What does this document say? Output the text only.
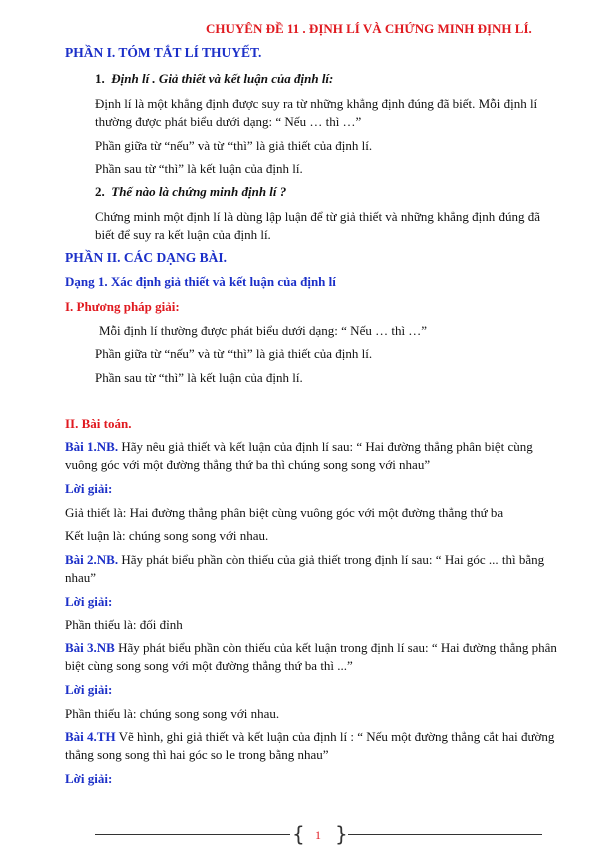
CHUYÊN ĐỀ 11 . ĐỊNH LÍ VÀ CHỨNG MINH ĐỊNH LÍ.
PHẦN I. TÓM TẮT LÍ THUYẾT.
1. Định lí . Giả thiết và kết luận của định lí:
Định lí là một khẳng định được suy ra từ những khẳng định đúng đã biết. Mỗi định lí
thường được phát biểu dưới dạng: “ Nếu … thì …”
Phần giữa từ “nếu” và từ “thì” là giả thiết của định lí.
Phần sau từ “thì” là kết luận của định lí.
2. Thế nào là chứng minh định lí ?
Chứng minh một định lí là dùng lập luận để từ giả thiết và những khẳng định đúng đã
biết để suy ra kết luận của định lí.
PHẦN II. CÁC DẠNG BÀI.
Dạng 1. Xác định giả thiết và kết luận của định lí
I. Phương pháp giải:
Mỗi định lí thường được phát biểu dưới dạng: “ Nếu … thì …”
Phần giữa từ “nếu” và từ “thì” là giả thiết của định lí.
Phần sau từ “thì” là kết luận của định lí.
II. Bài toán.
Bài 1.NB. Hãy nêu giả thiết và kết luận của định lí sau: “ Hai đường thẳng phân biệt cùng
vuông góc với một đường thẳng thứ ba thì chúng song song với nhau”
Lời giải:
Giả thiết là: Hai đường thẳng phân biệt cùng vuông góc với một đường thẳng thứ ba
Kết luận là: chúng song song với nhau.
Bài 2.NB. Hãy phát biểu phần còn thiếu của giả thiết trong định lí sau: “ Hai góc ... thì bằng
nhau”
Lời giải:
Phần thiếu là: đối đỉnh
Bài 3.NB Hãy phát biểu phần còn thiếu của kết luận trong định lí sau: “ Hai đường thẳng phân
biệt cùng song song với một đường thẳng thứ ba thì ...”
Lời giải:
Phần thiếu là: chúng song song với nhau.
Bài 4.TH Vẽ hình, ghi giả thiết và kết luận của định lí : “ Nếu một đường thẳng cắt hai đường
thẳng song song thì hai góc so le trong bằng nhau”
Lời giải:
{ 1 }
